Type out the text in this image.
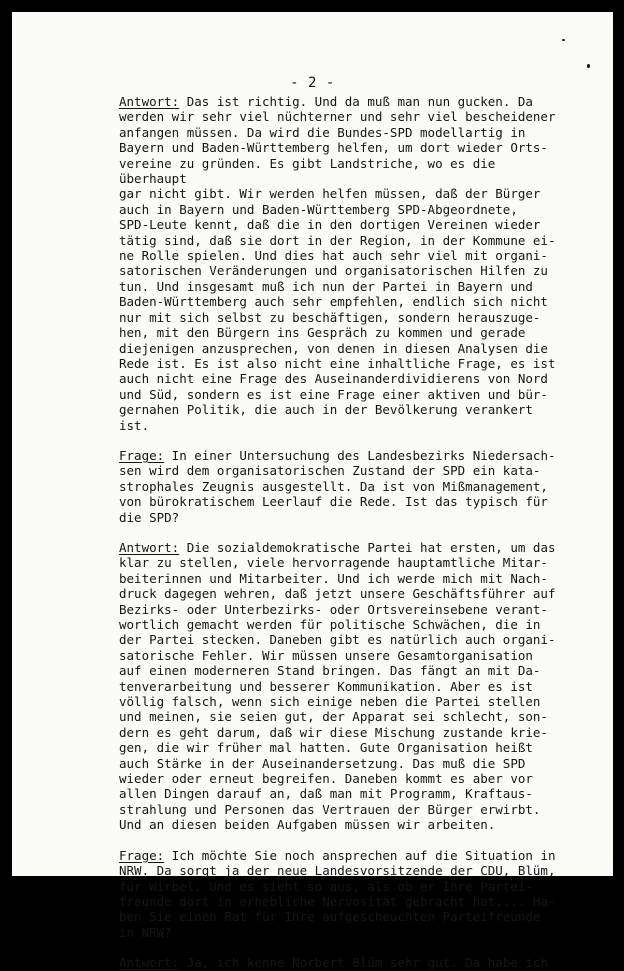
- 2 -

Antwort: Das ist richtig. Und da muß man nun gucken. Da
werden wir sehr viel nüchterner und sehr viel bescheidener
anfangen müssen. Da wird die Bundes-SPD modellartig in
Bayern und Baden-Württemberg helfen, um dort wieder Orts-
vereine zu gründen. Es gibt Landstriche, wo es die überhaupt
gar nicht gibt. Wir werden helfen müssen, daß der Bürger
auch in Bayern und Baden-Württemberg SPD-Abgeordnete,
SPD-Leute kennt, daß die in den dortigen Vereinen wieder
tätig sind, daß sie dort in der Region, in der Kommune ei-
ne Rolle spielen. Und dies hat auch sehr viel mit organi-
satorischen Veränderungen und organisatorischen Hilfen zu
tun. Und insgesamt muß ich nun der Partei in Bayern und
Baden-Württemberg auch sehr empfehlen, endlich sich nicht
nur mit sich selbst zu beschäftigen, sondern herauszuge-
hen, mit den Bürgern ins Gespräch zu kommen und gerade
diejenigen anzusprechen, von denen in diesen Analysen die
Rede ist. Es ist also nicht eine inhaltliche Frage, es ist
auch nicht eine Frage des Auseinanderdividierens von Nord
und Süd, sondern es ist eine Frage einer aktiven und bür-
gernahen Politik, die auch in der Bevölkerung verankert
ist.

Frage: In einer Untersuchung des Landesbezirks Niedersach-
sen wird dem organisatorischen Zustand der SPD ein kata-
strophales Zeugnis ausgestellt. Da ist von Mißmanagement,
von bürokratischem Leerlauf die Rede. Ist das typisch für
die SPD?

Antwort: Die sozialdemokratische Partei hat ersten, um das
klar zu stellen, viele hervorragende hauptamtliche Mitar-
beiterinnen und Mitarbeiter. Und ich werde mich mit Nach-
druck dagegen wehren, daß jetzt unsere Geschäftsführer auf
Bezirks- oder Unterbezirks- oder Ortsvereinsebene verant-
wortlich gemacht werden für politische Schwächen, die in
der Partei stecken. Daneben gibt es natürlich auch organi-
satorische Fehler. Wir müssen unsere Gesamtorganisation
auf einen moderneren Stand bringen. Das fängt an mit Da-
tenverarbeitung und besserer Kommunikation. Aber es ist
völlig falsch, wenn sich einige neben die Partei stellen
und meinen, sie seien gut, der Apparat sei schlecht, son-
dern es geht darum, daß wir diese Mischung zustande krie-
gen, die wir früher mal hatten. Gute Organisation heißt
auch Stärke in der Auseinandersetzung. Das muß die SPD
wieder oder erneut begreifen. Daneben kommt es aber vor
allen Dingen darauf an, daß man mit Programm, Kraftaus-
strahlung und Personen das Vertrauen der Bürger erwirbt.
Und an diesen beiden Aufgaben müssen wir arbeiten.

Frage: Ich möchte Sie noch ansprechen auf die Situation in
NRW. Da sorgt ja der neue Landesvorsitzende der CDU, Blüm,
für Wirbel. Und es sieht so aus, als ob er Ihre Partei-
freunde dort in erhebliche Nervosität gebracht hat.... Ha-
ben Sie einen Rat für Ihre aufgescheuchten Parteifreunde
in NRW?

Antwort: Ja, ich kenne Norbert Blüm sehr gut. Da habe ich
